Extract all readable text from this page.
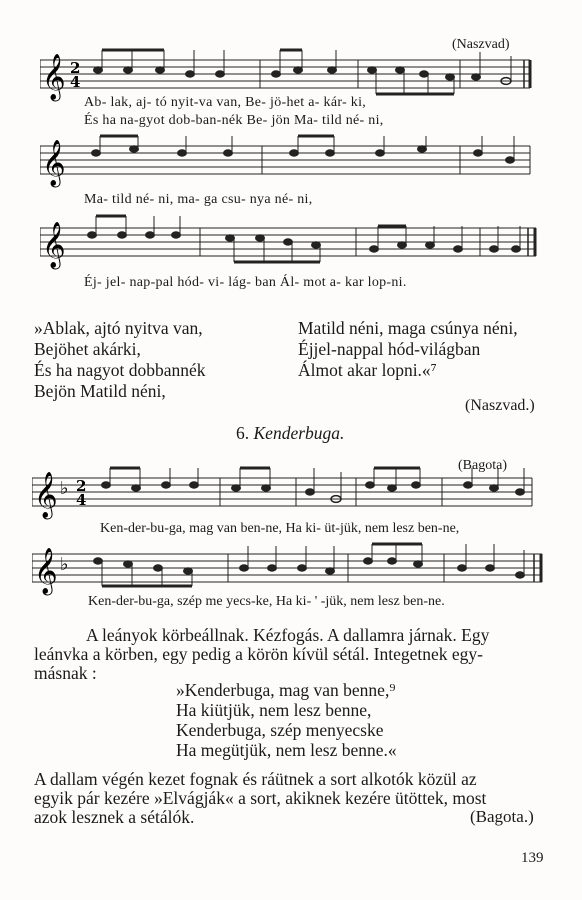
(Naszvad)
𝄞 2
4
Ab- lak, aj- tó nyit-va van, Be- jö-het a- kár- ki,
És ha na-gyot dob-ban-nék Be- jön Ma- tild né- ni,
𝄞
Ma- tild né- ni, ma- ga csu- nya né- ni,
𝄞
Éj- jel- nap-pal hód- vi- lág- ban Ál- mot a- kar lop-ni.
»Ablak, ajtó nyitva van,
Bejöhet akárki,
És ha nagyot dobbannék
Bejön Matild néni,
Matild néni, maga csúnya néni,
Éjjel-nappal hód-világban
Álmot akar lopni.«⁷
(Naszvad.)
6. Kenderbuga.
(Bagota)
𝄞 ♭ 2
4
Ken-der-bu-ga, mag van ben-ne, Ha ki- üt-jük, nem lesz ben-ne,
𝄞 ♭
Ken-der-bu-ga, szép me yecs-ke, Ha ki- ' -jük, nem lesz ben-ne.
A leányok körbeállnak. Kézfogás. A dallamra járnak. Egy
leánvka a körben, egy pedig a körön kívül sétál. Integetnek egy-
másnak :
»Kenderbuga, mag van benne,⁹
Ha kiütjük, nem lesz benne,
Kenderbuga, szép menyecske
Ha megütjük, nem lesz benne.«
A dallam végén kezet fognak és ráütnek a sort alkotók közül az
egyik pár kezére »Elvágják« a sort, akiknek kezére ütöttek, most
azok lesznek a sétálók.	(Bagota.)
139
